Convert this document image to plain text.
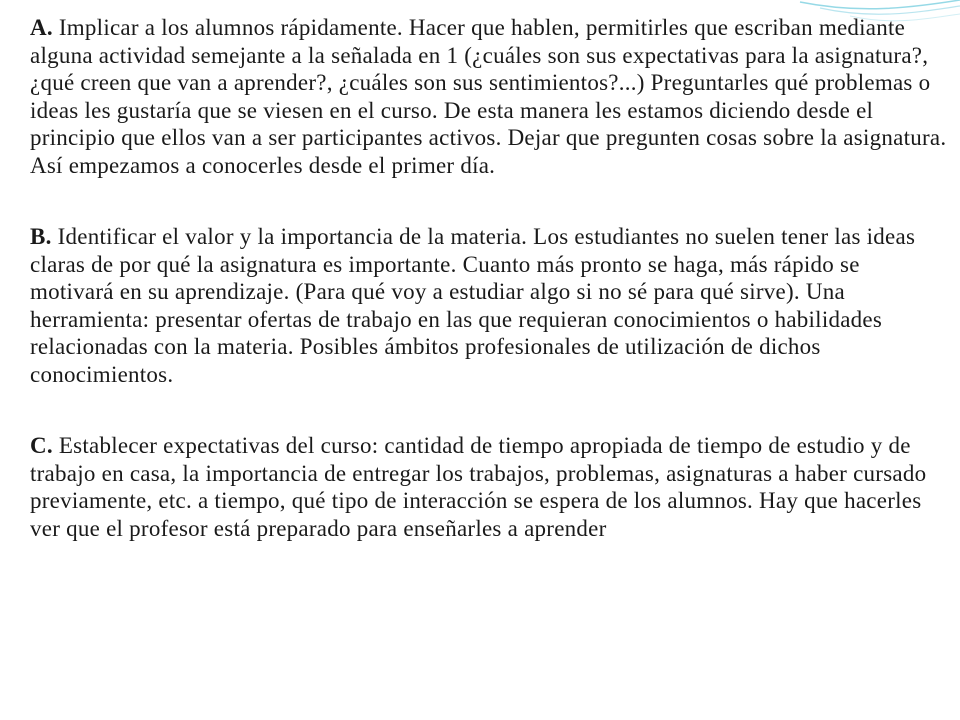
A. Implicar a los alumnos rápidamente. Hacer que hablen, permitirles que escriban mediante alguna actividad semejante a la señalada en 1 (¿cuáles son sus expectativas para la asignatura?, ¿qué creen que van a aprender?, ¿cuáles son sus sentimientos?...) Preguntarles qué problemas o ideas les gustaría que se viesen en el curso. De esta manera les estamos diciendo desde el principio que ellos van a ser participantes activos. Dejar que pregunten cosas sobre la asignatura. Así empezamos a conocerles desde el primer día.

B. Identificar el valor y la importancia de la materia. Los estudiantes no suelen tener las ideas claras de por qué la asignatura es importante. Cuanto más pronto se haga, más rápido se motivará en su aprendizaje. (Para qué voy a estudiar algo si no sé para qué sirve). Una herramienta: presentar ofertas de trabajo en las que requieran conocimientos o habilidades relacionadas con la materia. Posibles ámbitos profesionales de utilización de dichos conocimientos.

C. Establecer expectativas del curso: cantidad de tiempo apropiada de tiempo de estudio y de trabajo en casa, la importancia de entregar los trabajos, problemas, asignaturas a haber cursado previamente, etc. a tiempo, qué tipo de interacción se espera de los alumnos. Hay que hacerles ver que el profesor está preparado para enseñarles a aprender
